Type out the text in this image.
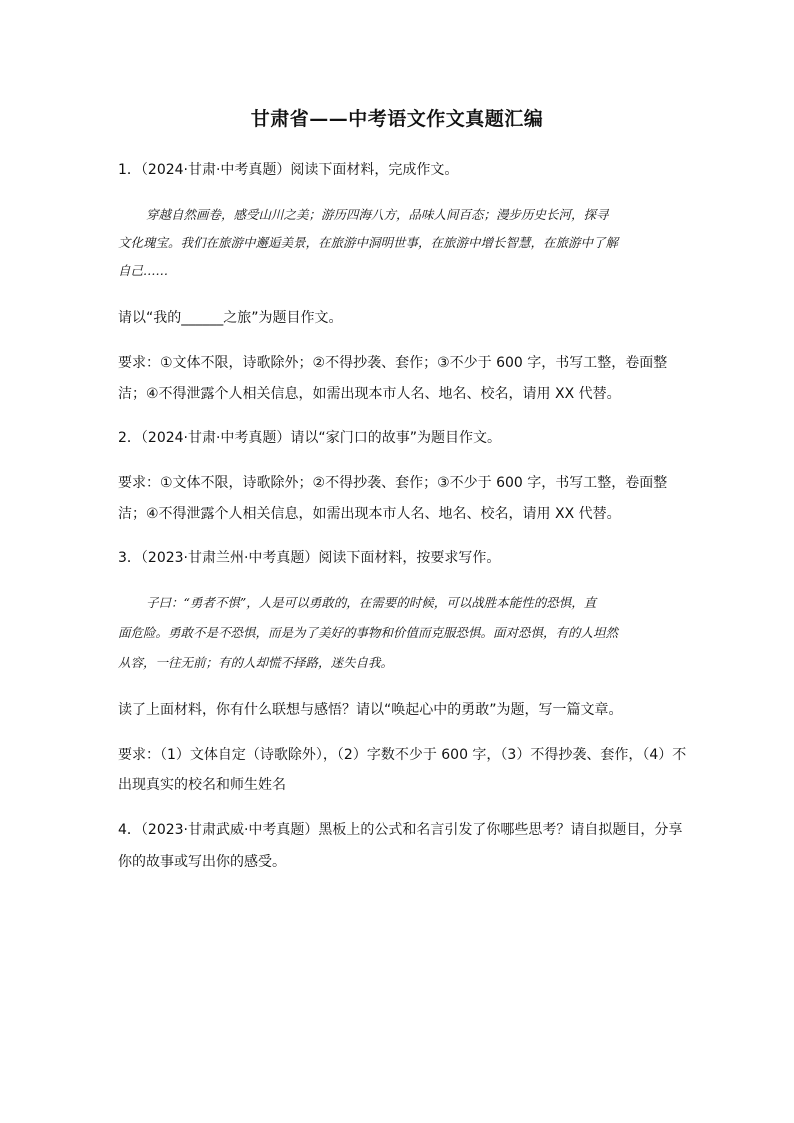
甘肃省——中考语文作文真题汇编
1．（2024·甘肃·中考真题）阅读下面材料，完成作文。
穿越自然画卷，感受山川之美；游历四海八方，品味人间百态；漫步历史长河，探寻
文化瑰宝。我们在旅游中邂逅美景，在旅游中洞明世事，在旅游中增长智慧，在旅游中了解
自己……
请以“我的______之旅”为题目作文。
要求：①文体不限，诗歌除外；②不得抄袭、套作；③不少于 600 字，书写工整，卷面整
洁；④不得泄露个人相关信息，如需出现本市人名、地名、校名，请用 XX 代替。
2．（2024·甘肃·中考真题）请以“家门口的故事”为题目作文。
要求：①文体不限，诗歌除外；②不得抄袭、套作；③不少于 600 字，书写工整，卷面整
洁；④不得泄露个人相关信息，如需出现本市人名、地名、校名，请用 XX 代替。
3．（2023·甘肃兰州·中考真题）阅读下面材料，按要求写作。
子曰：“勇者不惧”，人是可以勇敢的，在需要的时候，可以战胜本能性的恐惧，直
面危险。勇敢不是不恐惧，而是为了美好的事物和价值而克服恐惧。面对恐惧，有的人坦然
从容，一往无前；有的人却慌不择路，迷失自我。
读了上面材料，你有什么联想与感悟？请以“唤起心中的勇敢”为题，写一篇文章。
要求：（1）文体自定（诗歌除外），（2）字数不少于 600 字，（3）不得抄袭、套作，（4）不
出现真实的校名和师生姓名
4．（2023·甘肃武威·中考真题）黑板上的公式和名言引发了你哪些思考？请自拟题目，分享
你的故事或写出你的感受。
